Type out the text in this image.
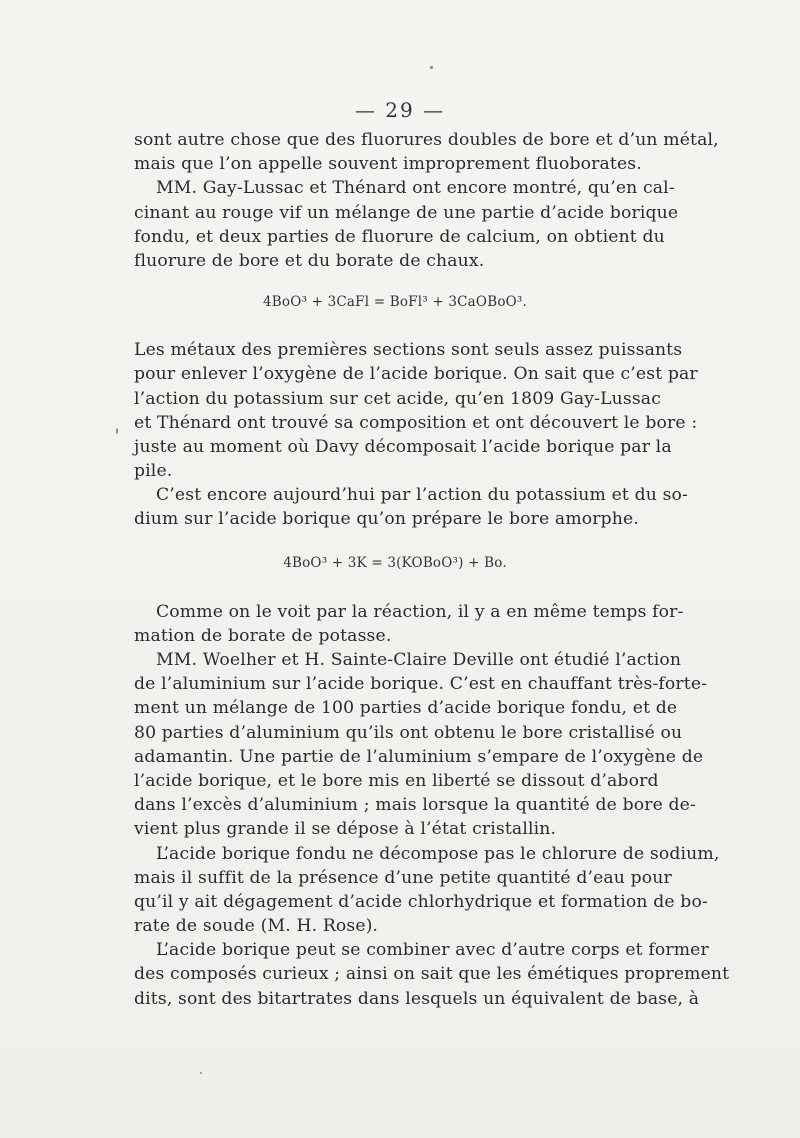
— 29 —
sont autre chose que des fluorures doubles de bore et d’un métal,
mais que l’on appelle souvent improprement fluoborates.
MM. Gay-Lussac et Thénard ont encore montré, qu’en cal-
cinant au rouge vif un mélange de une partie d’acide borique
fondu, et deux parties de fluorure de calcium, on obtient du
fluorure de bore et du borate de chaux.
4BoO³ + 3CaFl = BoFl³ + 3CaOBoO³.
Les métaux des premières sections sont seuls assez puissants
pour enlever l’oxygène de l’acide borique. On sait que c’est par
l’action du potassium sur cet acide, qu’en 1809 Gay-Lussac
et Thénard ont trouvé sa composition et ont découvert le bore :
juste au moment où Davy décomposait l’acide borique par la
pile.
C’est encore aujourd’hui par l’action du potassium et du so-
dium sur l’acide borique qu’on prépare le bore amorphe.
4BoO³ + 3K = 3(KOBoO³) + Bo.
Comme on le voit par la réaction, il y a en même temps for-
mation de borate de potasse.
MM. Woelher et H. Sainte-Claire Deville ont étudié l’action
de l’aluminium sur l’acide borique. C’est en chauffant très-forte-
ment un mélange de 100 parties d’acide borique fondu, et de
80 parties d’aluminium qu’ils ont obtenu le bore cristallisé ou
adamantin. Une partie de l’aluminium s’empare de l’oxygène de
l’acide borique, et le bore mis en liberté se dissout d’abord
dans l’excès d’aluminium ; mais lorsque la quantité de bore de-
vient plus grande il se dépose à l’état cristallin.
L’acide borique fondu ne décompose pas le chlorure de sodium,
mais il suffit de la présence d’une petite quantité d’eau pour
qu’il y ait dégagement d’acide chlorhydrique et formation de bo-
rate de soude (M. H. Rose).
L’acide borique peut se combiner avec d’autre corps et former
des composés curieux ; ainsi on sait que les émétiques proprement
dits, sont des bitartrates dans lesquels un équivalent de base, à
